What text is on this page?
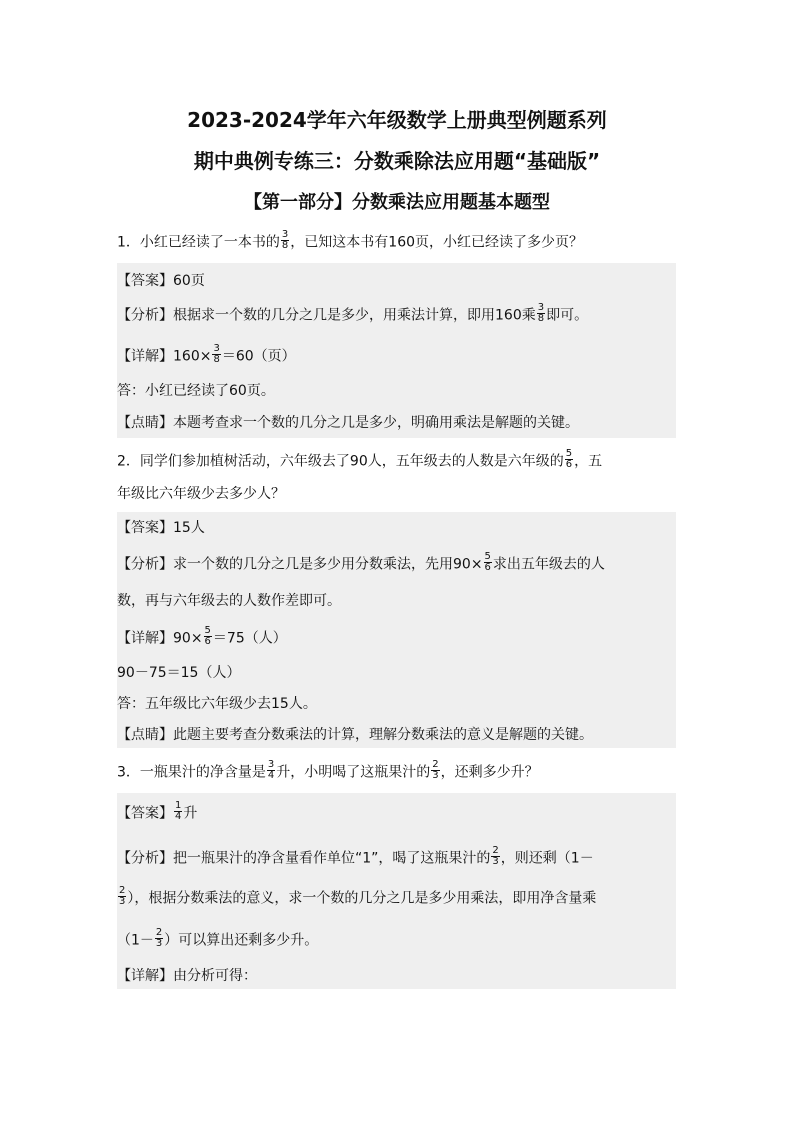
2023-2024学年六年级数学上册典型例题系列
期中典例专练三：分数乘除法应用题“基础版”
【第一部分】分数乘法应用题基本题型
1．小红已经读了一本书的 $\frac{3}{8}$ ，已知这本书有160页，小红已经读了多少页？
【答案】60页
【分析】根据求一个数的几分之几是多少，用乘法计算，即用160乘 $\frac{3}{8}$ 即可。
【详解】$160\times \frac{3}{8} =60$（页）
答：小红已经读了60页。
【点睛】本题考查求一个数的几分之几是多少，明确用乘法是解题的关键。
2．同学们参加植树活动，六年级去了90人，五年级去的人数是六年级的 $\frac{5}{6}$ ，五
年级比六年级少去多少人？
【答案】15人
【分析】求一个数的几分之几是多少用分数乘法，先用$90\times \frac{5}{6}$ 求出五年级去的人
数，再与六年级去的人数作差即可。
【详解】$90\times \frac{5}{6} =75$（人）
90－75＝15（人）
答：五年级比六年级少去15人。
【点睛】此题主要考查分数乘法的计算，理解分数乘法的意义是解题的关键。
3．一瓶果汁的净含量是 $\frac{3}{4}$ 升，小明喝了这瓶果汁的 $\frac{2}{3}$ ，还剩多少升？
【答案】 $\frac{1}{4}$ 升
【分析】把一瓶果汁的净含量看作单位“1”，喝了这瓶果汁的 $\frac{2}{3}$ ，则还剩（1－
$\frac{2}{3}$ ），根据分数乘法的意义，求一个数的几分之几是多少用乘法，即用净含量乘
（$1- \frac{2}{3}$ ）可以算出还剩多少升。
【详解】由分析可得：
